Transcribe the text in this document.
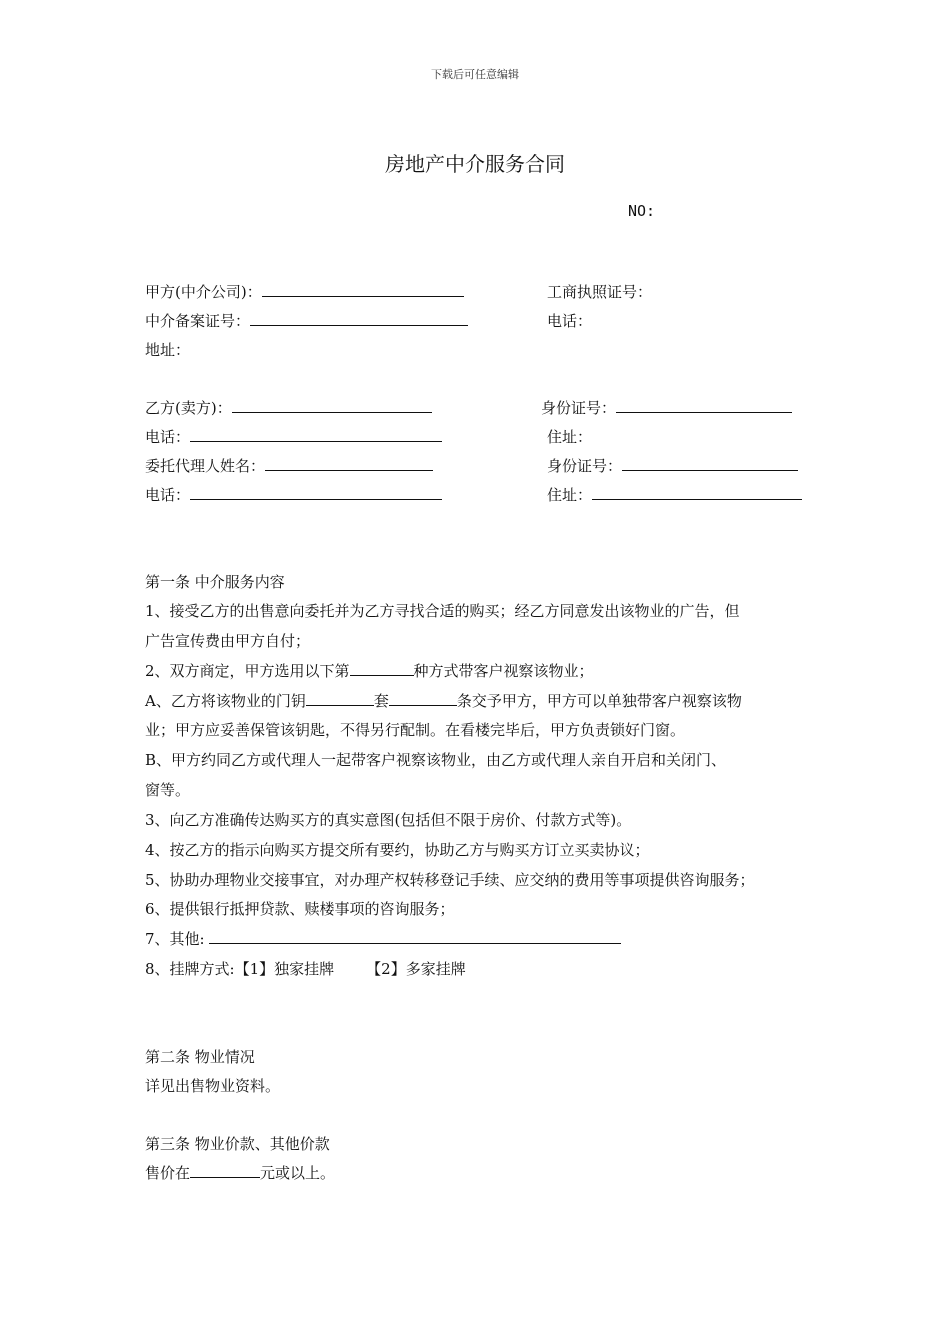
下载后可任意编辑
房地产中介服务合同
NO:
甲方(中介公司)：	工商执照证号：
中介备案证号：	电话：
地址：
乙方(卖方)：	身份证号：
电话：	住址：
委托代理人姓名：	身份证号：
电话：	住址：
第一条 中介服务内容
1、接受乙方的出售意向委托并为乙方寻找合适的购买；经乙方同意发出该物业的广告，但
广告宣传费由甲方自付；
2、双方商定，甲方选用以下第	种方式带客户视察该物业；
A、乙方将该物业的门钥	套	条交予甲方，甲方可以单独带客户视察该物
业；甲方应妥善保管该钥匙，不得另行配制。在看楼完毕后，甲方负责锁好门窗。
B、甲方约同乙方或代理人一起带客户视察该物业，由乙方或代理人亲自开启和关闭门、
窗等。
3、向乙方准确传达购买方的真实意图(包括但不限于房价、付款方式等)。
4、按乙方的指示向购买方提交所有要约，协助乙方与购买方订立买卖协议；
5、协助办理物业交接事宜，对办理产权转移登记手续、应交纳的费用等事项提供咨询服务；
6、提供银行抵押贷款、赎楼事项的咨询服务；
7、其他:
8、挂牌方式:【1】独家挂牌 【2】多家挂牌
第二条 物业情况
详见出售物业资料。
第三条 物业价款、其他价款
售价在	元或以上。
